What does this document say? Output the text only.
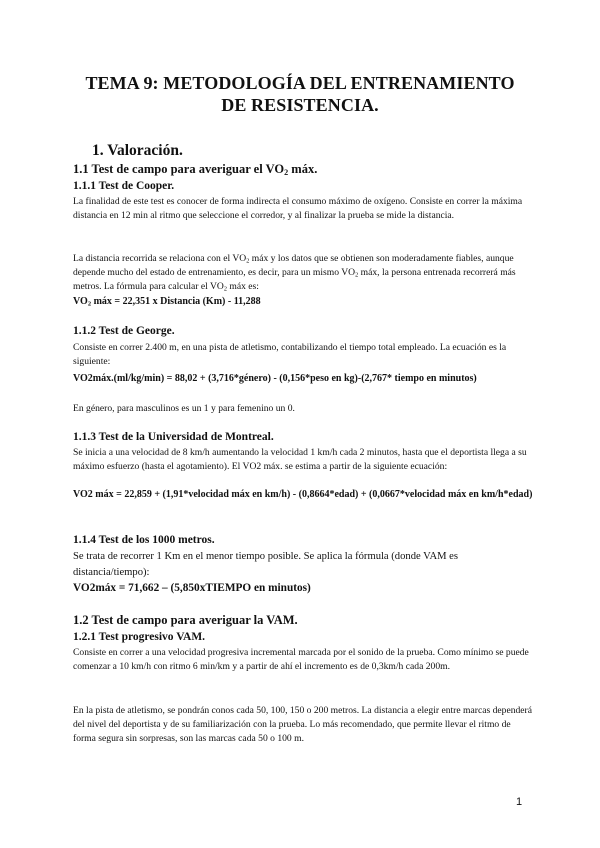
TEMA 9: METODOLOGÍA DEL ENTRENAMIENTO
DE RESISTENCIA.
1. Valoración.
1.1 Test de campo para averiguar el $VO_2$ máx.
1.1.1 Test de Cooper.
La finalidad de este test es conocer de forma indirecta el consumo máximo de oxígeno. Consiste en correr la máxima distancia en 12 min al ritmo que seleccione el corredor, y al finalizar la prueba se mide la distancia.
La distancia recorrida se relaciona con el $VO_2$ máx y los datos que se obtienen son moderadamente fiables, aunque depende mucho del estado de entrenamiento, es decir, para un mismo $VO_2$ máx, la persona entrenada recorrerá más metros. La fórmula para calcular el $VO_2$ máx es:
$VO_2$ máx = 22,351 x Distancia (Km) - 11,288
1.1.2 Test de George.
Consiste en correr 2.400 m, en una pista de atletismo, contabilizando el tiempo total empleado. La ecuación es la siguiente:
VO2máx.(ml/kg/min) = 88,02 + (3,716*género) - (0,156*peso en kg)-(2,767* tiempo en minutos)
En género, para masculinos es un 1 y para femenino un 0.
1.1.3 Test de la Universidad de Montreal.
Se inicia a una velocidad de 8 km/h aumentando la velocidad 1 km/h cada 2 minutos, hasta que el deportista llega a su máximo esfuerzo (hasta el agotamiento). El VO2 máx. se estima a partir de la siguiente ecuación:
VO2 máx = 22,859 + (1,91*velocidad máx en km/h) - (0,8664*edad) + (0,0667*velocidad máx en km/h*edad)
1.1.4 Test de los 1000 metros.
Se trata de recorrer 1 Km en el menor tiempo posible. Se aplica la fórmula (donde VAM es distancia/tiempo):
VO2máx = 71,662 – (5,850xTIEMPO en minutos)
1.2 Test de campo para averiguar la VAM.
1.2.1 Test progresivo VAM.
Consiste en correr a una velocidad progresiva incremental marcada por el sonido de la prueba. Como mínimo se puede comenzar a 10 km/h con ritmo 6 min/km y a partir de ahí el incremento es de 0,3km/h cada 200m.
En la pista de atletismo, se pondrán conos cada 50, 100, 150 o 200 metros. La distancia a elegir entre marcas dependerá del nivel del deportista y de su familiarización con la prueba. Lo más recomendado, que permite llevar el ritmo de forma segura sin sorpresas, son las marcas cada 50 o 100 m.
1
